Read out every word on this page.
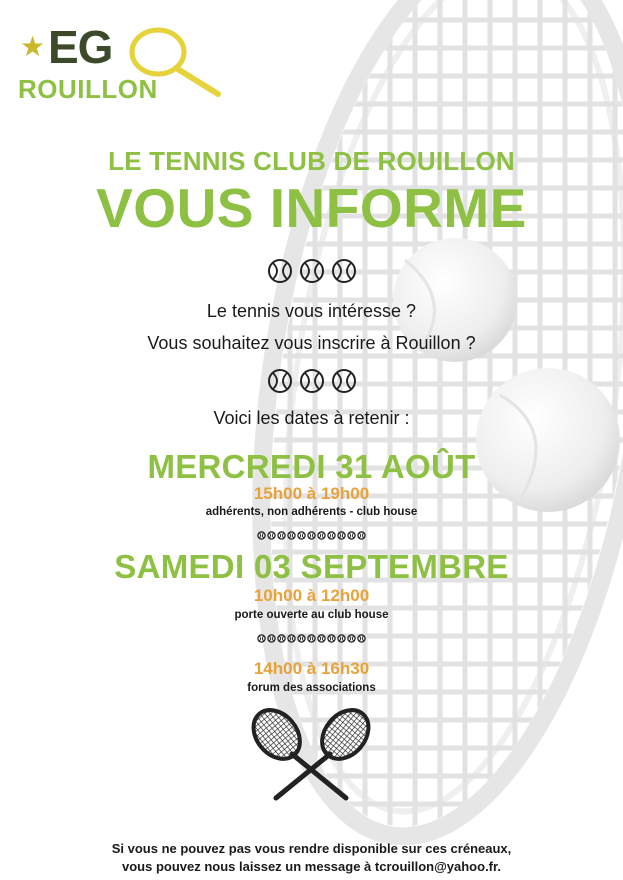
★ EG
ROUILLON
LE TENNIS CLUB DE ROUILLON
VOUS INFORME
Le tennis vous intéresse ?
Vous souhaitez vous inscrire à Rouillon ?
Voici les dates à retenir :
MERCREDI 31 AOÛT
15h00 à 19h00
adhérents, non adhérents - club house
SAMEDI 03 SEPTEMBRE
10h00 à 12h00
porte ouverte au club house
14h00 à 16h30
forum des associations
Si vous ne pouvez pas vous rendre disponible sur ces créneaux,
vous pouvez nous laissez un message à tcrouillon@yahoo.fr.
